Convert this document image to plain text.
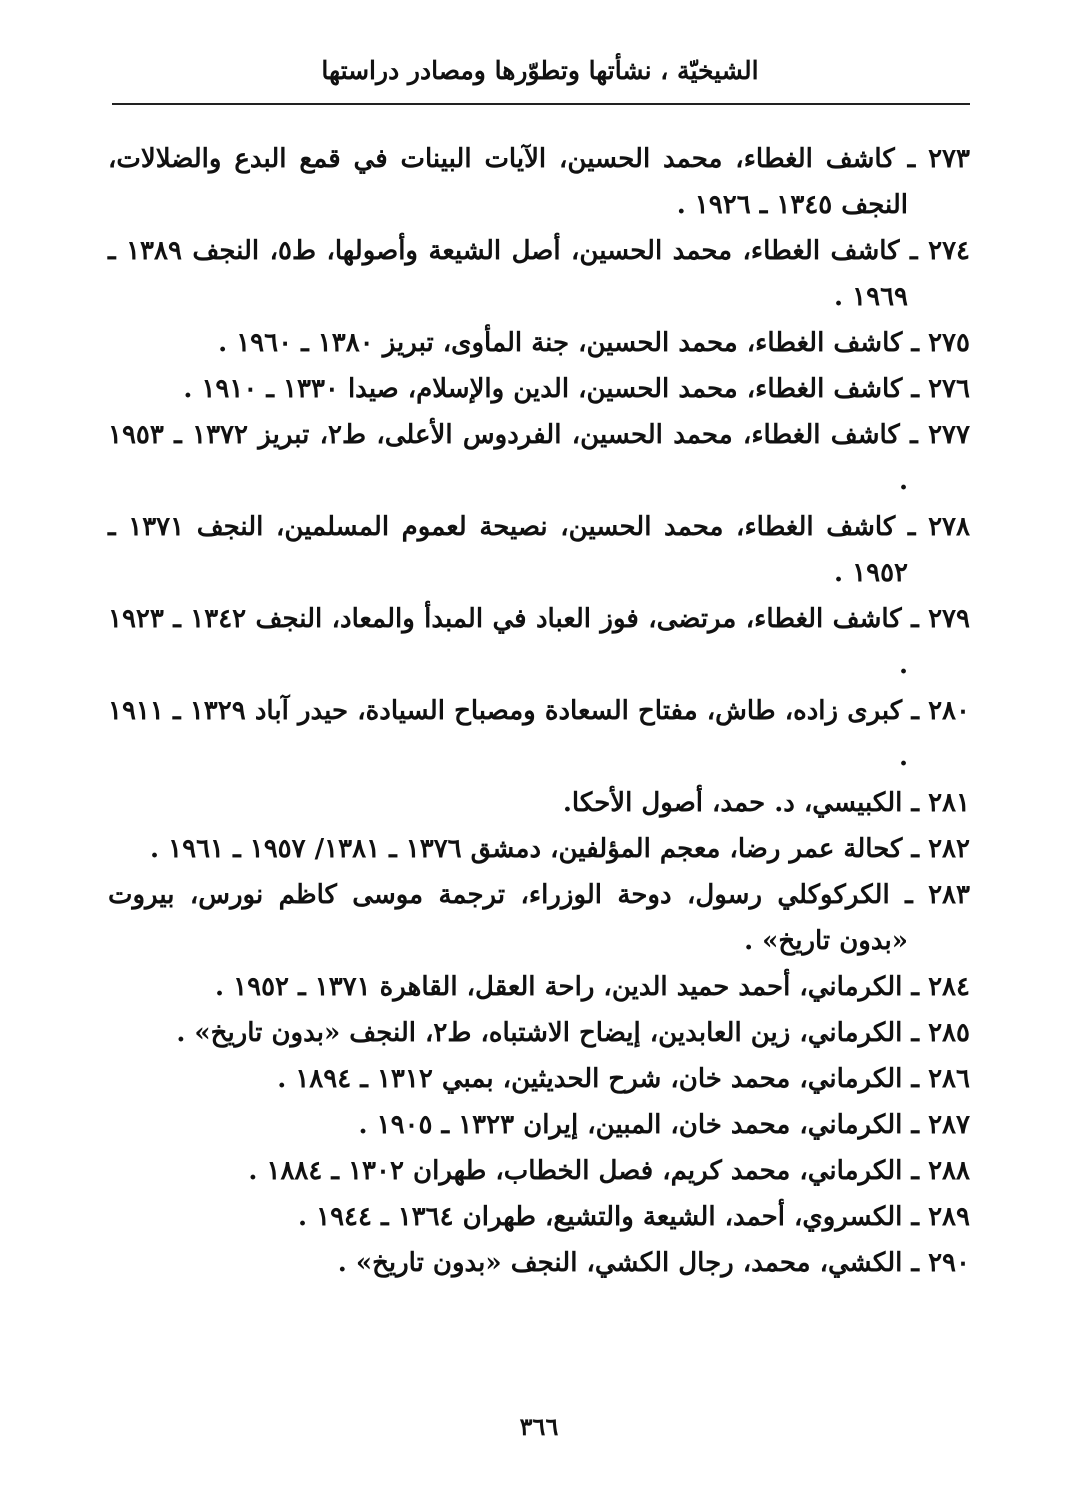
الشيخيّة ، نشأتها وتطوّرها ومصادر دراستها
٢٧٣ ـ كاشف الغطاء، محمد الحسين، الآيات البينات في قمع البدع والضلالات، النجف ١٣٤٥ ـ ١٩٢٦ .
٢٧٤ ـ كاشف الغطاء، محمد الحسين، أصل الشيعة وأصولها، ط٥، النجف ١٣٨٩ ـ ١٩٦٩ .
٢٧٥ ـ كاشف الغطاء، محمد الحسين، جنة المأوى، تبريز ١٣٨٠ ـ ١٩٦٠ .
٢٧٦ ـ كاشف الغطاء، محمد الحسين، الدين والإسلام، صيدا ١٣٣٠ ـ ١٩١٠ .
٢٧٧ ـ كاشف الغطاء، محمد الحسين، الفردوس الأعلى، ط٢، تبريز ١٣٧٢ ـ ١٩٥٣ .
٢٧٨ ـ كاشف الغطاء، محمد الحسين، نصيحة لعموم المسلمين، النجف ١٣٧١ ـ ١٩٥٢ .
٢٧٩ ـ كاشف الغطاء، مرتضى، فوز العباد في المبدأ والمعاد، النجف ١٣٤٢ ـ ١٩٢٣ .
٢٨٠ ـ كبرى زاده، طاش، مفتاح السعادة ومصباح السيادة، حيدر آباد ١٣٢٩ ـ ١٩١١ .
٢٨١ ـ الكبيسي، د. حمد، أصول الأحكا.
٢٨٢ ـ كحالة عمر رضا، معجم المؤلفين، دمشق ١٣٧٦ ـ ١٣٨١/ ١٩٥٧ ـ ١٩٦١ .
٢٨٣ ـ الكركوكلي رسول، دوحة الوزراء، ترجمة موسى كاظم نورس، بيروت «بدون تاريخ» .
٢٨٤ ـ الكرماني، أحمد حميد الدين، راحة العقل، القاهرة ١٣٧١ ـ ١٩٥٢ .
٢٨٥ ـ الكرماني، زين العابدين، إيضاح الاشتباه، ط٢، النجف «بدون تاريخ» .
٢٨٦ ـ الكرماني، محمد خان، شرح الحديثين، بمبي ١٣١٢ ـ ١٨٩٤ .
٢٨٧ ـ الكرماني، محمد خان، المبين، إيران ١٣٢٣ ـ ١٩٠٥ .
٢٨٨ ـ الكرماني، محمد كريم، فصل الخطاب، طهران ١٣٠٢ ـ ١٨٨٤ .
٢٨٩ ـ الكسروي، أحمد، الشيعة والتشيع، طهران ١٣٦٤ ـ ١٩٤٤ .
٢٩٠ ـ الكشي، محمد، رجال الكشي، النجف «بدون تاريخ» .
٣٦٦
